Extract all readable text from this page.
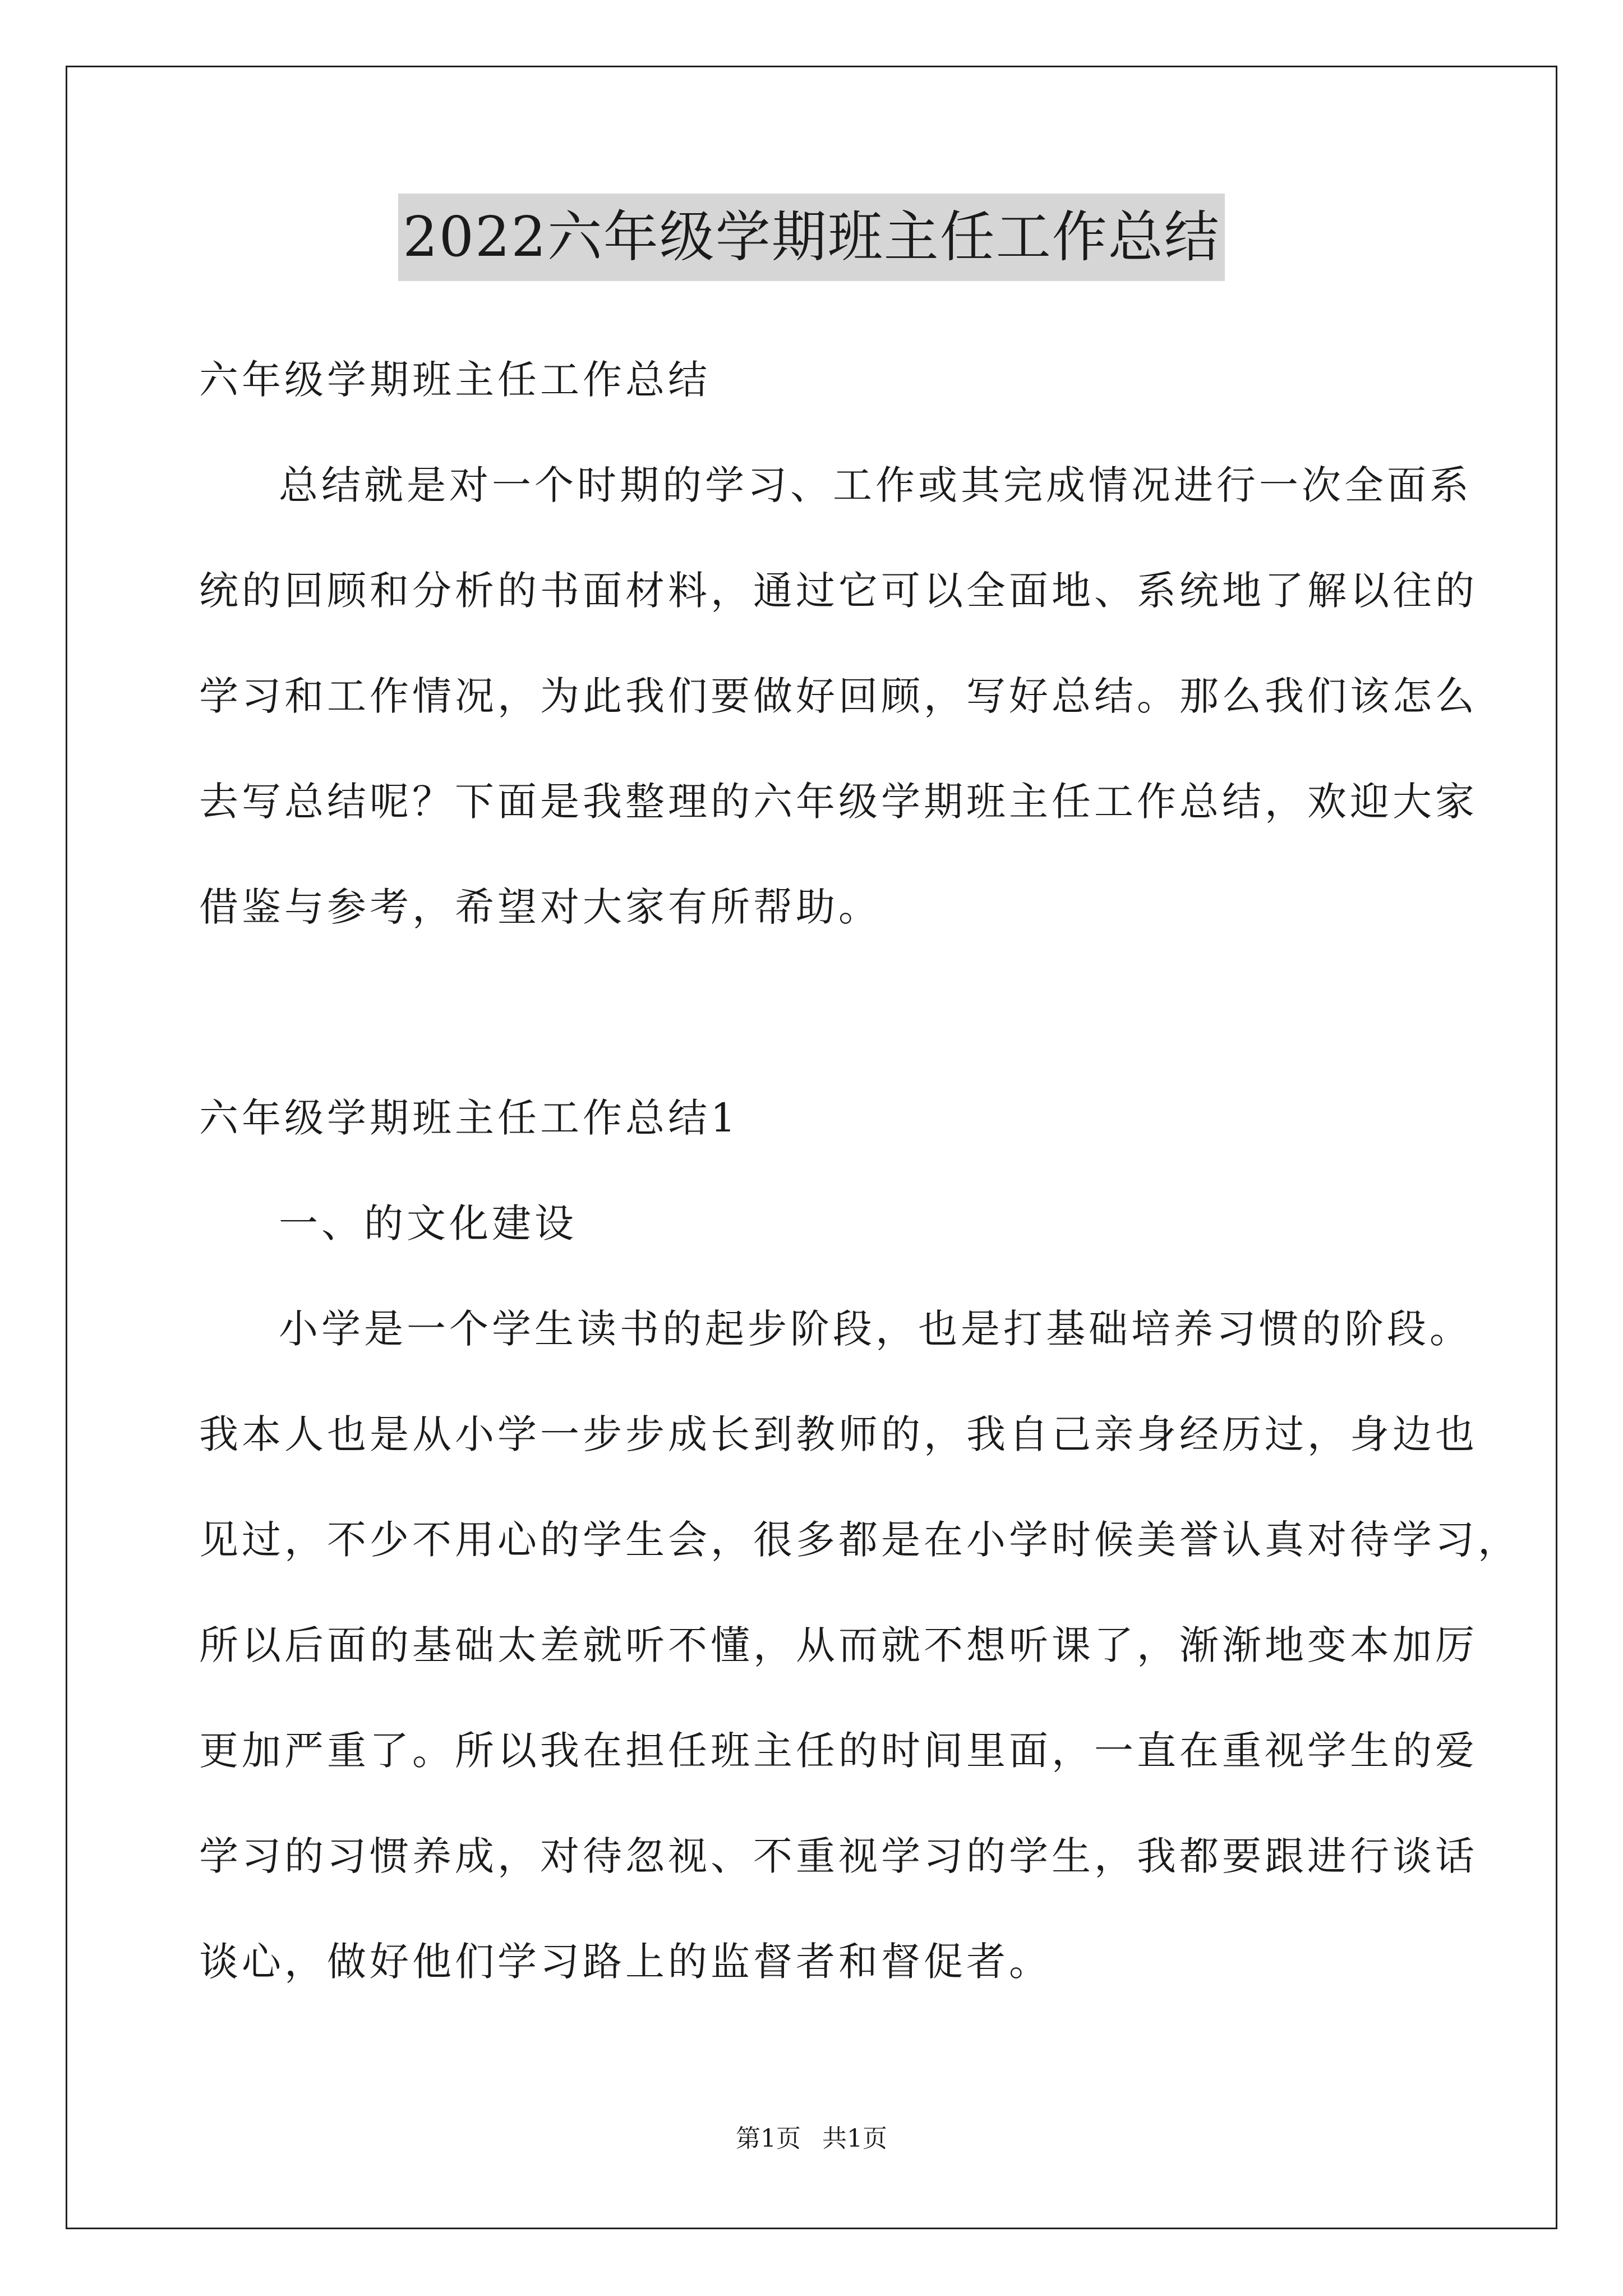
2022六年级学期班主任工作总结
六年级学期班主任工作总结
总结就是对一个时期的学习、工作或其完成情况进行一次全面系
统的回顾和分析的书面材料，通过它可以全面地、系统地了解以往的
学习和工作情况，为此我们要做好回顾，写好总结。那么我们该怎么
去写总结呢？下面是我整理的六年级学期班主任工作总结，欢迎大家
借鉴与参考，希望对大家有所帮助。
六年级学期班主任工作总结1
一、的文化建设
小学是一个学生读书的起步阶段，也是打基础培养习惯的阶段。
我本人也是从小学一步步成长到教师的，我自己亲身经历过，身边也
见过，不少不用心的学生会，很多都是在小学时候美誉认真对待学习，
所以后面的基础太差就听不懂，从而就不想听课了，渐渐地变本加厉
更加严重了。所以我在担任班主任的时间里面，一直在重视学生的爱
学习的习惯养成，对待忽视、不重视学习的学生，我都要跟进行谈话
谈心，做好他们学习路上的监督者和督促者。
第1页 共1页
